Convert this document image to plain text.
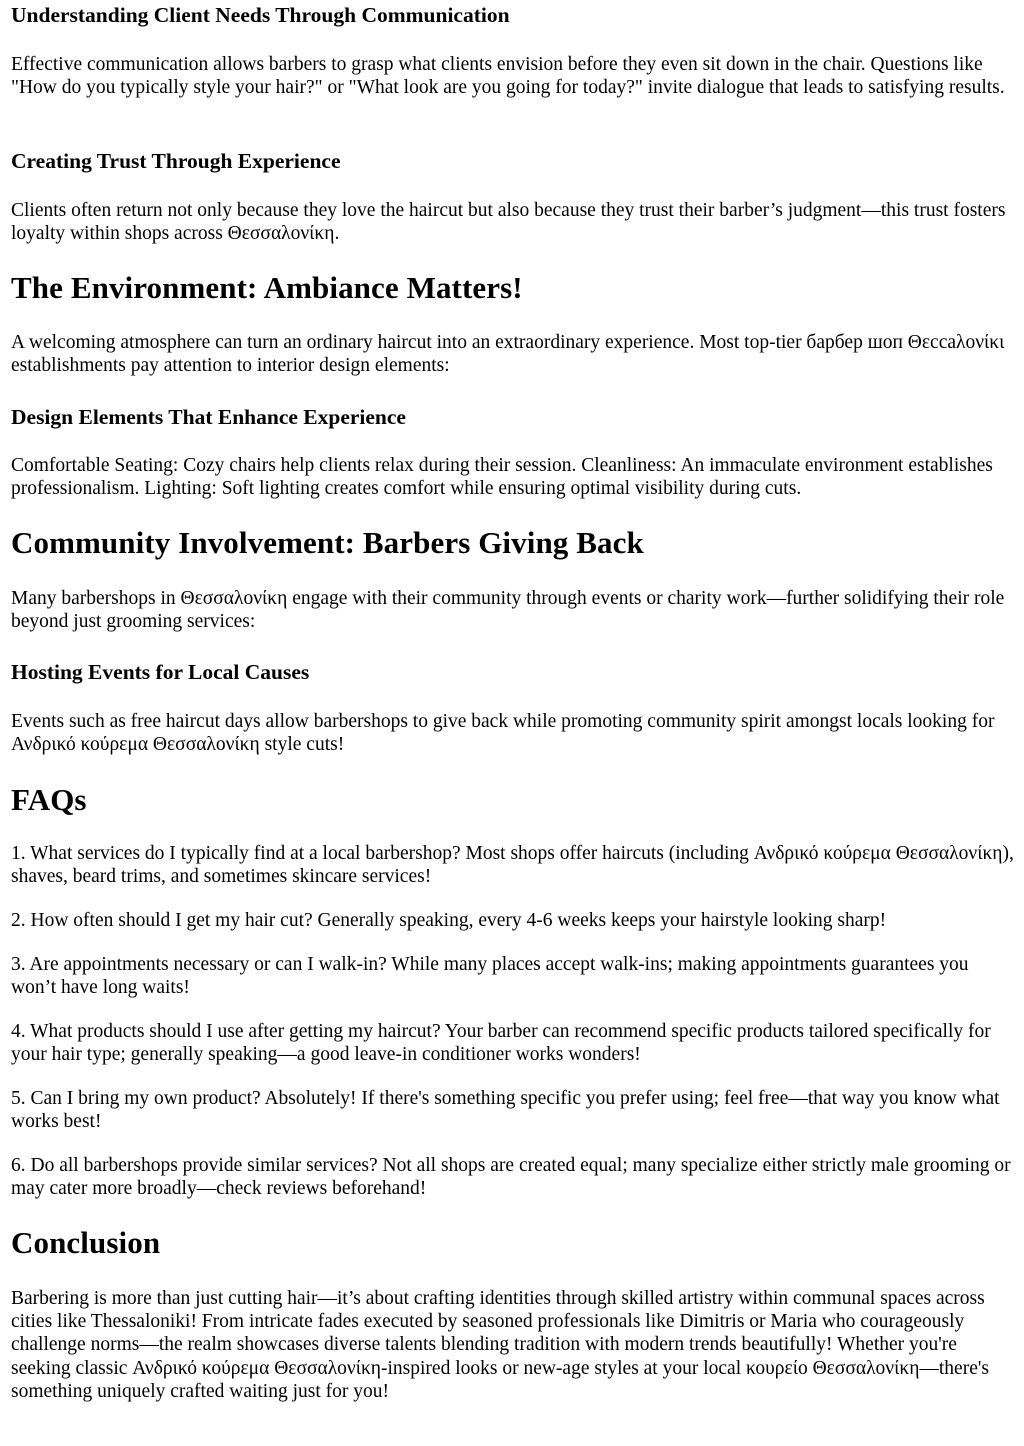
Understanding Client Needs Through Communication

Effective communication allows barbers to grasp what clients envision before they even sit down in the chair. Questions like "How do you typically style your hair?" or "What look are you going for today?" invite dialogue that leads to satisfying results.

Creating Trust Through Experience

Clients often return not only because they love the haircut but also because they trust their barber’s judgment—this trust fosters loyalty within shops across Θεσσαλονίκη.

The Environment: Ambiance Matters!

A welcoming atmosphere can turn an ordinary haircut into an extraordinary experience. Most top-tier барбер шоп Θεсcaλoνίκι establishments pay attention to interior design elements:

Design Elements That Enhance Experience

Comfortable Seating: Cozy chairs help clients relax during their session. Cleanliness: An immaculate environment establishes professionalism. Lighting: Soft lighting creates comfort while ensuring optimal visibility during cuts.

Community Involvement: Barbers Giving Back

Many barbershops in Θεσσαλονίκη engage with their community through events or charity work—further solidifying their role beyond just grooming services:

Hosting Events for Local Causes

Events such as free haircut days allow barbershops to give back while promoting community spirit amongst locals looking for Ανδρικό κούρεμα Θεσσαλονίκη style cuts!

FAQs

1. What services do I typically find at a local barbershop? Most shops offer haircuts (including Ανδρικό κούρεμα Θεσσαλονίκη), shaves, beard trims, and sometimes skincare services!

2. How often should I get my hair cut? Generally speaking, every 4-6 weeks keeps your hairstyle looking sharp!

3. Are appointments necessary or can I walk-in? While many places accept walk-ins; making appointments guarantees you won’t have long waits!

4. What products should I use after getting my haircut? Your barber can recommend specific products tailored specifically for your hair type; generally speaking—a good leave-in conditioner works wonders!

5. Can I bring my own product? Absolutely! If there's something specific you prefer using; feel free—that way you know what works best!

6. Do all barbershops provide similar services? Not all shops are created equal; many specialize either strictly male grooming or may cater more broadly—check reviews beforehand!

Conclusion

Barbering is more than just cutting hair—it’s about crafting identities through skilled artistry within communal spaces across cities like Thessaloniki! From intricate fades executed by seasoned professionals like Dimitris or Maria who courageously challenge norms—the realm showcases diverse talents blending tradition with modern trends beautifully! Whether you're seeking classic Ανδρικό κούρεμα Θεσσαλονίκη-inspired looks or new-age styles at your local κουρείο Θεσσαλονίκη—there's something uniquely crafted waiting just for you!
